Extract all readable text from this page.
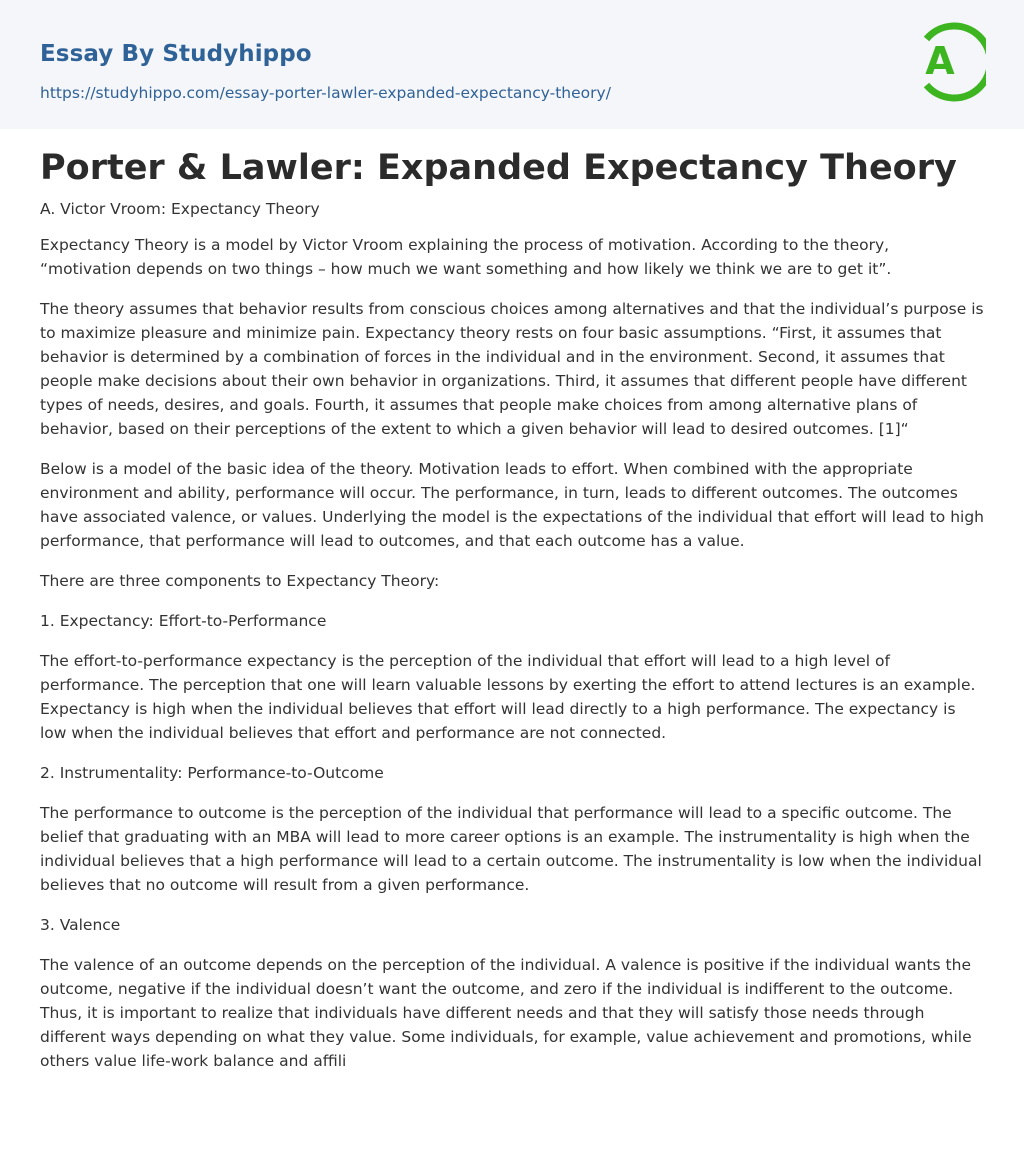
Essay By Studyhippo
https://studyhippo.com/essay-porter-lawler-expanded-expectancy-theory/
A
Porter & Lawler: Expanded Expectancy Theory

A. Victor Vroom: Expectancy Theory

Expectancy Theory is a model by Victor Vroom explaining the process of motivation. According to the theory, “motivation depends on two things – how much we want something and how likely we think we are to get it”.

The theory assumes that behavior results from conscious choices among alternatives and that the individual’s purpose is to maximize pleasure and minimize pain. Expectancy theory rests on four basic assumptions. “First, it assumes that behavior is determined by a combination of forces in the individual and in the environment. Second, it assumes that people make decisions about their own behavior in organizations. Third, it assumes that different people have different types of needs, desires, and goals. Fourth, it assumes that people make choices from among alternative plans of behavior, based on their perceptions of the extent to which a given behavior will lead to desired outcomes. [1]“

Below is a model of the basic idea of the theory. Motivation leads to effort. When combined with the appropriate environment and ability, performance will occur. The performance, in turn, leads to different outcomes. The outcomes have associated valence, or values. Underlying the model is the expectations of the individual that effort will lead to high performance, that performance will lead to outcomes, and that each outcome has a value.

There are three components to Expectancy Theory:

1. Expectancy: Effort-to-Performance

The effort-to-performance expectancy is the perception of the individual that effort will lead to a high level of performance. The perception that one will learn valuable lessons by exerting the effort to attend lectures is an example. Expectancy is high when the individual believes that effort will lead directly to a high performance. The expectancy is low when the individual believes that effort and performance are not connected.

2. Instrumentality: Performance-to-Outcome

The performance to outcome is the perception of the individual that performance will lead to a specific outcome. The belief that graduating with an MBA will lead to more career options is an example. The instrumentality is high when the individual believes that a high performance will lead to a certain outcome. The instrumentality is low when the individual believes that no outcome will result from a given performance.

3. Valence

The valence of an outcome depends on the perception of the individual. A valence is positive if the individual wants the outcome, negative if the individual doesn’t want the outcome, and zero if the individual is indifferent to the outcome. Thus, it is important to realize that individuals have different needs and that they will satisfy those needs through different ways depending on what they value. Some individuals, for example, value achievement and promotions, while others value life-work balance and affili
